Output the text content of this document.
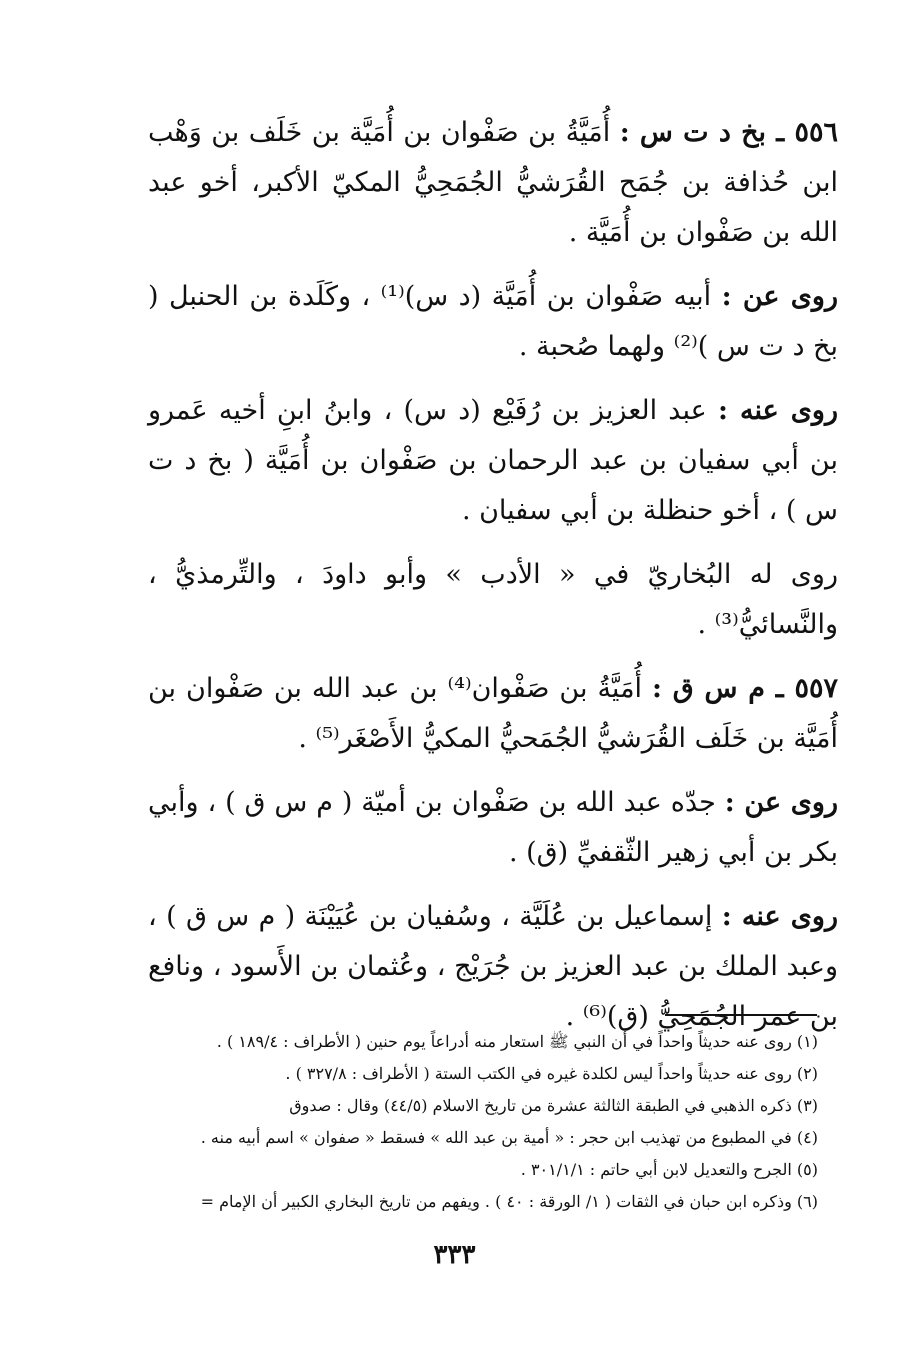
٥٥٦ ـ بخ د ت س : أُمَيَّةُ بن صَفْوان بن أُمَيَّة بن خَلَف بن وَهْب ابن حُذافة بن جُمَح القُرَشيُّ الجُمَحِيُّ المكيّ الأكبر، أخو عبد الله بن صَفْوان بن أُمَيَّة .

روى عن : أبيه صَفْوان بن أُمَيَّة (د س)⁽¹⁾ ، وكَلَدة بن الحنبل ( بخ د ت س )⁽²⁾ ولهما صُحبة .

روى عنه : عبد العزيز بن رُفَيْع (د س) ، وابنُ ابنِ أخيه عَمرو بن أبي سفيان بن عبد الرحمان بن صَفْوان بن أُمَيَّة ( بخ د ت س ) ، أخو حنظلة بن أبي سفيان .

روى له البُخاريّ في « الأدب » وأبو داودَ ، والتِّرمذيُّ ، والنَّسائيُّ⁽³⁾ .

٥٥٧ ـ م س ق : أُمَيَّةُ بن صَفْوان⁽⁴⁾ بن عبد الله بن صَفْوان بن أُمَيَّة بن خَلَف القُرَشيُّ الجُمَحيُّ المكيُّ الأَصْغَر⁽⁵⁾ .

روى عن : جدّه عبد الله بن صَفْوان بن أميّة ( م س ق ) ، وأبي بكر بن أبي زهير الثّقفيِّ (ق) .

روى عنه : إسماعيل بن عُلَيَّة ، وسُفيان بن عُيَيْنَة ( م س ق ) ، وعبد الملك بن عبد العزيز بن جُرَيْج ، وعُثمان بن الأَسود ، ونافع بن عمر الجُمَحِيُّ (ق)⁽⁶⁾ .

(١) روى عنه حديثاً واحداً في أن النبي ﷺ استعار منه أدراعاً يوم حنين ( الأطراف : ١٨٩/٤ ) .

(٢) روى عنه حديثاً واحداً ليس لكلدة غيره في الكتب الستة ( الأطراف : ٣٢٧/٨ ) .

(٣) ذكره الذهبي في الطبقة الثالثة عشرة من تاريخ الاسلام (٤٤/٥) وقال : صدوق

(٤) في المطبوع من تهذيب ابن حجر : « أمية بن عبد الله » فسقط « صفوان » اسم أبيه منه .

(٥) الجرح والتعديل لابن أبي حاتم : ٣٠١/١/١ .

(٦) وذكره ابن حبان في الثقات ( ١/ الورقة : ٤٠ ) . ويفهم من تاريخ البخاري الكبير أن الإمام =

٣٣٣
